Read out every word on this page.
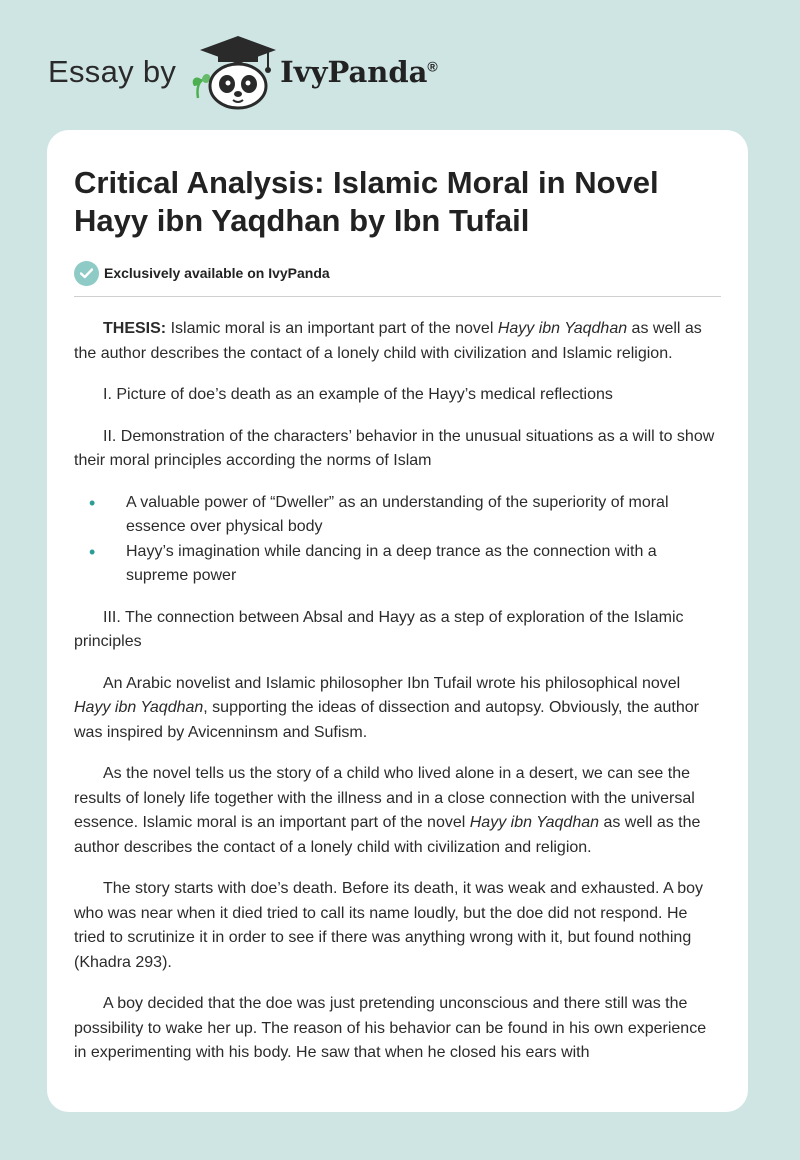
Essay by	IvyPanda®
Critical Analysis: Islamic Moral in Novel Hayy ibn Yaqdhan by Ibn Tufail
Exclusively available on IvyPanda

THESIS: Islamic moral is an important part of the novel Hayy ibn Yaqdhan as well as the author describes the contact of a lonely child with civilization and Islamic religion.

I. Picture of doe’s death as an example of the Hayy’s medical reflections

II. Demonstration of the characters’ behavior in the unusual situations as a will to show their moral principles according the norms of Islam

• A valuable power of “Dweller” as an understanding of the superiority of moral essence over physical body
• Hayy’s imagination while dancing in a deep trance as the connection with a supreme power

III. The connection between Absal and Hayy as a step of exploration of the Islamic principles

An Arabic novelist and Islamic philosopher Ibn Tufail wrote his philosophical novel Hayy ibn Yaqdhan, supporting the ideas of dissection and autopsy. Obviously, the author was inspired by Avicenninsm and Sufism.

As the novel tells us the story of a child who lived alone in a desert, we can see the results of lonely life together with the illness and in a close connection with the universal essence. Islamic moral is an important part of the novel Hayy ibn Yaqdhan as well as the author describes the contact of a lonely child with civilization and religion.

The story starts with doe’s death. Before its death, it was weak and exhausted. A boy who was near when it died tried to call its name loudly, but the doe did not respond. He tried to scrutinize it in order to see if there was anything wrong with it, but found nothing (Khadra 293).

A boy decided that the doe was just pretending unconscious and there still was the possibility to wake her up. The reason of his behavior can be found in his own experience in experimenting with his body. He saw that when he closed his ears with
